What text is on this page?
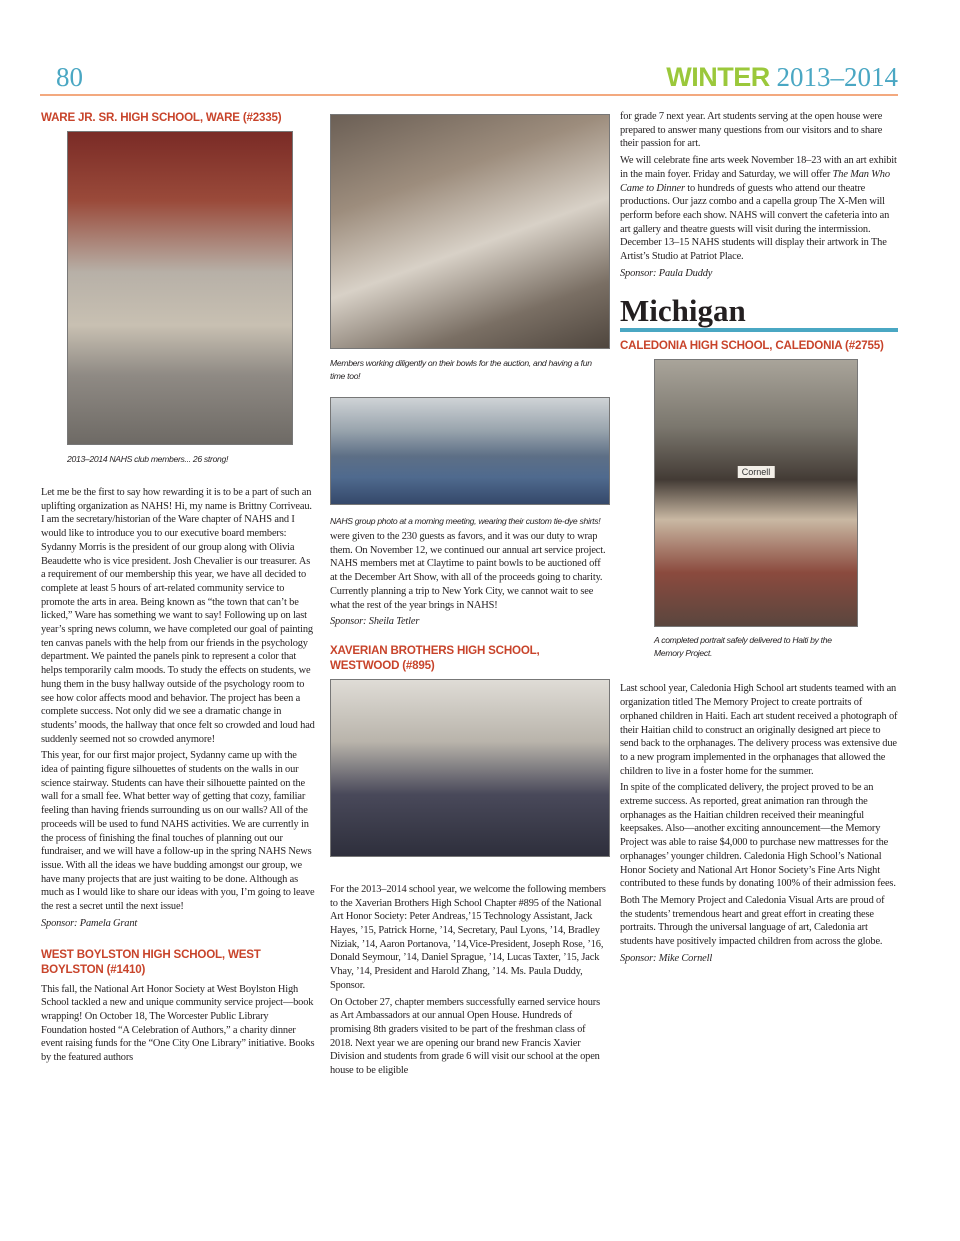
80	WINTER 2013–2014
WARE JR. SR. HIGH SCHOOL, WARE (#2335)
2013–2014 NAHS club members... 26 strong!

Let me be the first to say how rewarding it is to be a part of such an uplifting organization as NAHS! Hi, my name is Brittny Corriveau. I am the secretary/historian of the Ware chapter of NAHS and I would like to introduce you to our executive board members: Sydanny Morris is the president of our group along with Olivia Beaudette who is vice president. Josh Chevalier is our treasurer. As a requirement of our membership this year, we have all decided to complete at least 5 hours of art-related community service to promote the arts in area. Being known as “the town that can’t be licked,” Ware has something we want to say! Following up on last year’s spring news column, we have completed our goal of painting ten canvas panels with the help from our friends in the psychology department. We painted the panels pink to represent a color that helps temporarily calm moods. To study the effects on students, we hung them in the busy hallway outside of the psychology room to see how color affects mood and behavior. The project has been a complete success. Not only did we see a dramatic change in students’ moods, the hallway that once felt so crowded and loud had suddenly seemed not so crowded anymore!

This year, for our first major project, Sydanny came up with the idea of painting figure silhouettes of students on the walls in our science stairway. Students can have their silhouette painted on the wall for a small fee. What better way of getting that cozy, familiar feeling than having friends surrounding us on our walls? All of the proceeds will be used to fund NAHS activities. We are currently in the process of finishing the final touches of planning out our fundraiser, and we will have a follow-up in the spring NAHS News issue. With all the ideas we have budding amongst our group, we have many projects that are just waiting to be done. Although as much as I would like to share our ideas with you, I’m going to leave the rest a secret until the next issue!

Sponsor: Pamela Grant

WEST BOYLSTON HIGH SCHOOL, WEST BOYLSTON (#1410)

This fall, the National Art Honor Society at West Boylston High School tackled a new and unique community service project—book wrapping! On October 18, The Worcester Public Library Foundation hosted “A Celebration of Authors,” a charity dinner event raising funds for the “One City One Library” initiative. Books by the featured authors

Members working diligently on their bowls for the auction, and having a fun time too!
NAHS group photo at a morning meeting, wearing their custom tie-dye shirts!

were given to the 230 guests as favors, and it was our duty to wrap them. On November 12, we continued our annual art service project. NAHS members met at Claytime to paint bowls to be auctioned off at the December Art Show, with all of the proceeds going to charity. Currently planning a trip to New York City, we cannot wait to see what the rest of the year brings in NAHS!

Sponsor: Sheila Tetler

XAVERIAN BROTHERS HIGH SCHOOL, WESTWOOD (#895)

For the 2013–2014 school year, we welcome the following members to the Xaverian Brothers High School Chapter #895 of the National Art Honor Society: Peter Andreas,’15 Technology Assistant, Jack Hayes, ’15, Patrick Horne, ’14, Secretary, Paul Lyons, ’14, Bradley Niziak, ’14, Aaron Portanova, ’14,Vice-President, Joseph Rose, ’16, Donald Seymour, ’14, Daniel Sprague, ’14, Lucas Taxter, ’15, Jack Vhay, ’14, President and Harold Zhang, ’14. Ms. Paula Duddy, Sponsor.

On October 27, chapter members successfully earned service hours as Art Ambassadors at our annual Open House. Hundreds of promising 8th graders visited to be part of the freshman class of 2018. Next year we are opening our brand new Francis Xavier Division and students from grade 6 will visit our school at the open house to be eligible

for grade 7 next year. Art students serving at the open house were prepared to answer many questions from our visitors and to share their passion for art.

We will celebrate fine arts week November 18–23 with an art exhibit in the main foyer. Friday and Saturday, we will offer The Man Who Came to Dinner to hundreds of guests who attend our theatre productions. Our jazz combo and a capella group The X-Men will perform before each show. NAHS will convert the cafeteria into an art gallery and theatre guests will visit during the intermission. December 13–15 NAHS students will display their artwork in The Artist’s Studio at Patriot Place.

Sponsor: Paula Duddy

Michigan
CALEDONIA HIGH SCHOOL, CALEDONIA (#2755)
Cornell
A completed portrait safely delivered to Haiti by the Memory Project.

Last school year, Caledonia High School art students teamed with an organization titled The Memory Project to create portraits of orphaned children in Haiti. Each art student received a photograph of their Haitian child to construct an originally designed art piece to send back to the orphanages. The delivery process was extensive due to a new program implemented in the orphanages that allowed the children to live in a foster home for the summer.

In spite of the complicated delivery, the project proved to be an extreme success. As reported, great animation ran through the orphanages as the Haitian children received their meaningful keepsakes. Also—another exciting announcement—the Memory Project was able to raise $4,000 to purchase new mattresses for the orphanages’ younger children. Caledonia High School’s National Honor Society and National Art Honor Society’s Fine Arts Night contributed to these funds by donating 100% of their admission fees.

Both The Memory Project and Caledonia Visual Arts are proud of the students’ tremendous heart and great effort in creating these portraits. Through the universal language of art, Caledonia art students have positively impacted children from across the globe.

Sponsor: Mike Cornell
